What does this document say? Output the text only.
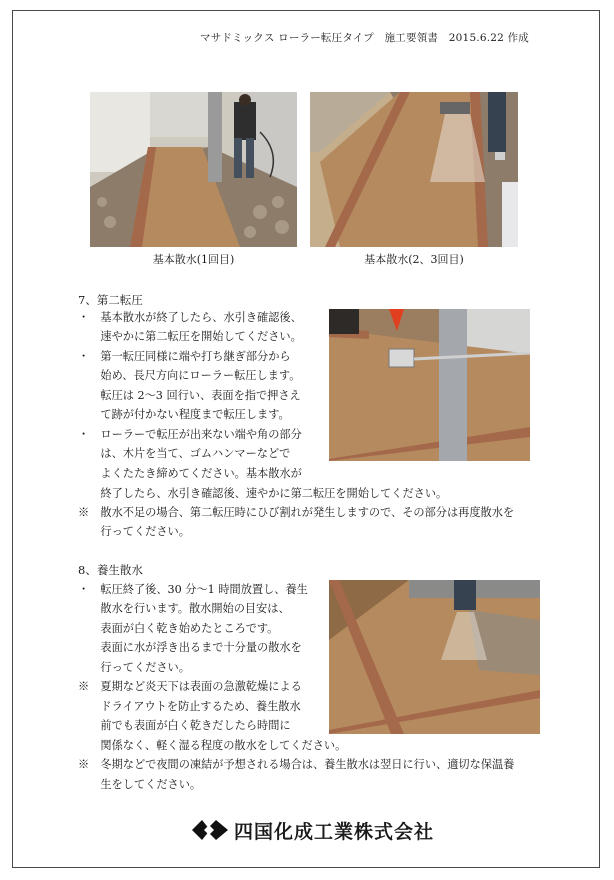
マサドミックス ローラー転圧タイプ　施工要領書　2015.6.22 作成
基本散水(1回目)	基本散水(2、3回目)
7、第二転圧
・　基本散水が終了したら、水引き確認後、
　　速やかに第二転圧を開始してください。
・　第一転圧同様に端や打ち継ぎ部分から
　　始め、長尺方向にローラー転圧します。
　　転圧は 2～3 回行い、表面を指で押さえ
　　て跡が付かない程度まで転圧します。
・　ローラーで転圧が出来ない端や角の部分
　　は、木片を当て、ゴムハンマーなどで
　　よくたたき締めてください。基本散水が
　　終了したら、水引き確認後、速やかに第二転圧を開始してください。
※　散水不足の場合、第二転圧時にひび割れが発生しますので、その部分は再度散水を
　　行ってください。
8、養生散水
・　転圧終了後、30 分～1 時間放置し、養生
　　散水を行います。散水開始の目安は、
　　表面が白く乾き始めたところです。
　　表面に水が浮き出るまで十分量の散水を
　　行ってください。
※　夏期など炎天下は表面の急激乾燥による
　　ドライアウトを防止するため、養生散水
　　前でも表面が白く乾きだしたら時間に
　　関係なく、軽く湿る程度の散水をしてください。
※　冬期などで夜間の凍結が予想される場合は、養生散水は翌日に行い、適切な保温養
　　生をしてください。
四国化成工業株式会社
